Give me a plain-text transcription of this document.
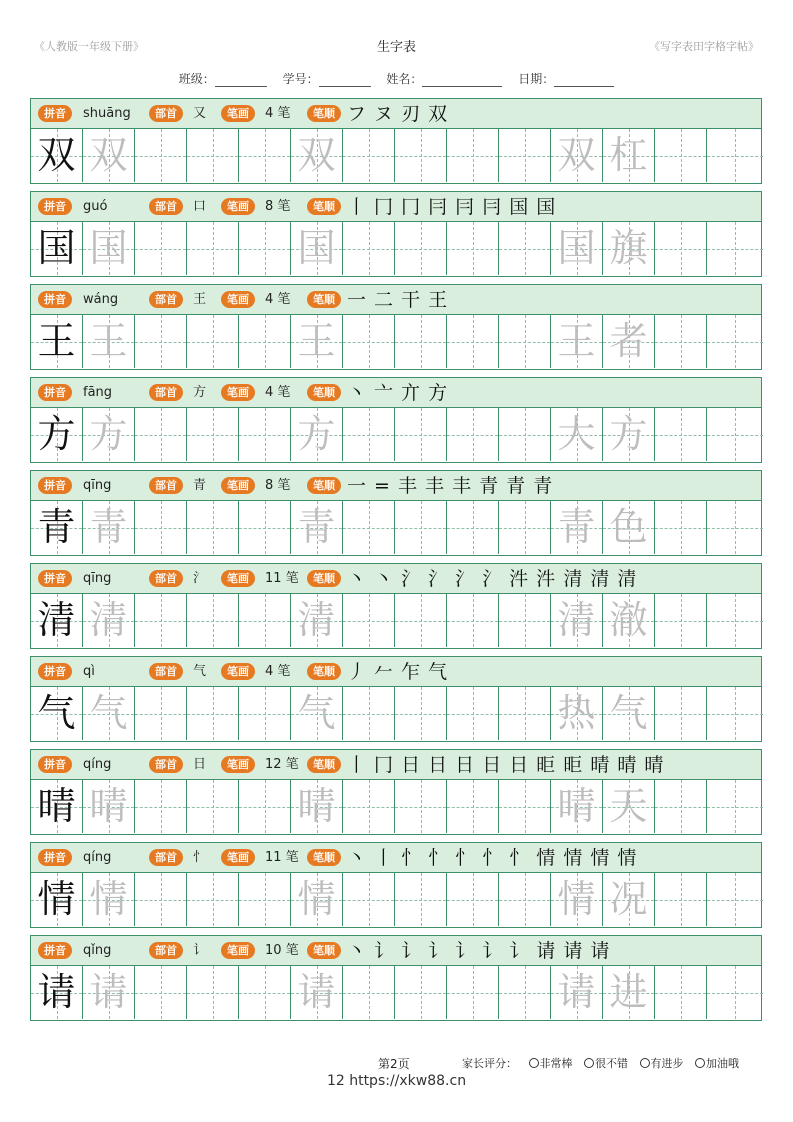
《人教版一年级下册》	生字表	《写字表田字格字帖》
班级：	学号：	姓名：	日期：
拼音	shuāng	部首	又	笔画	4 笔	笔顺 フ ヌ 刃 双
双 双	双	双 杠
拼音	guó	部首	口	笔画	8 笔	笔顺 丨 冂 冂 冃 冃 冃 国 国
国 国	国	国 旗
拼音	wáng	部首	王	笔画	4 笔	笔顺 一 二 干 王
王 王	王	王 者
拼音	fāng	部首	方	笔画	4 笔	笔顺 丶 亠 亣 方
方 方	方	大 方
拼音	qīng	部首	青	笔画	8 笔	笔顺 一 = 丰 丰 丰 青 青 青
青 青	青	青 色
拼音	qīng	部首	氵	笔画	11 笔	笔顺 丶 丶 氵 氵 氵 氵 汼 汼 清 清 清
清 清	清	清 澈
拼音	qì	部首	气	笔画	4 笔	笔顺 丿 𠂉 乍 气
气 气	气	热 气
拼音	qíng	部首	日	笔画	12 笔	笔顺 丨 冂 日 日 日 日 日 昛 昛 晴 晴 晴
晴 晴	晴	晴 天
拼音	qíng	部首	忄	笔画	11 笔	笔顺 丶 丨 忄 忄 忄 忄 忄 情 情 情 情
情 情	情	情 况
拼音	qǐng	部首	讠	笔画	10 笔	笔顺 丶 讠 讠 讠 讠 讠 讠 请 请 请
请 请	请	请 进
第2页	家长评分： 非常棒 很不错 有进步 加油哦
12 https://xkw88.cn
